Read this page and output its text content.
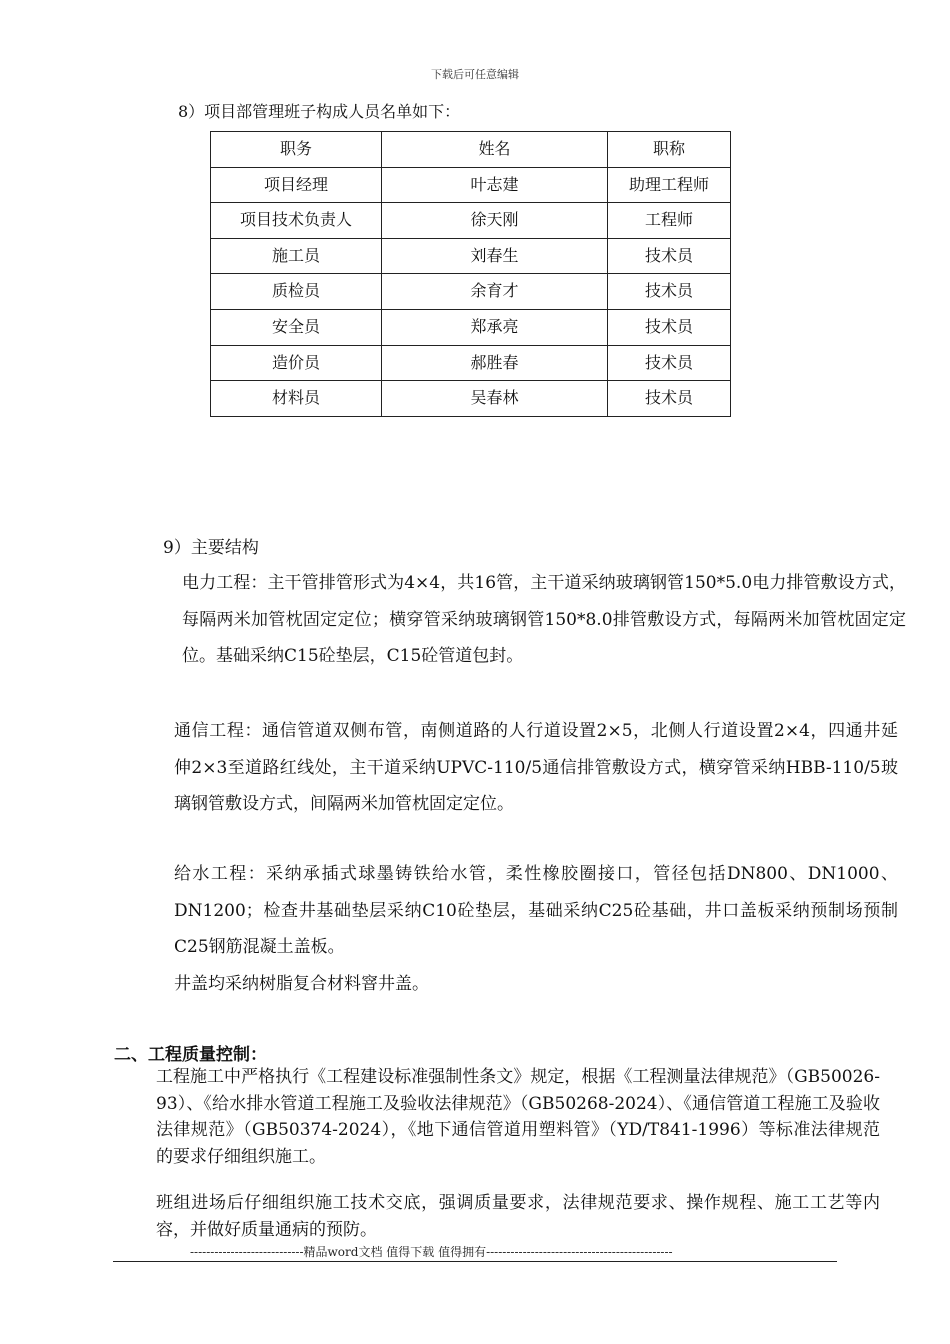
下载后可任意编辑
8）项目部管理班子构成人员名单如下：
职务	姓名	职称
项目经理	叶志建	助理工程师
项目技术负责人	徐天刚	工程师
施工员	刘春生	技术员
质检员	余育才	技术员
安全员	郑承亮	技术员
造价员	郝胜春	技术员
材料员	吴春林	技术员
9）主要结构
电力工程：主干管排管形式为4×4，共16管，主干道采纳玻璃钢管150*5.0电力排管敷设方式，每隔两米加管枕固定定位；横穿管采纳玻璃钢管150*8.0排管敷设方式，每隔两米加管枕固定定位。基础采纳C15砼垫层，C15砼管道包封。
通信工程：通信管道双侧布管，南侧道路的人行道设置2×5，北侧人行道设置2×4，四通井延　伸2×3至道路红线处，主干道采纳UPVC-110/5通信排管敷设方式，横穿管采纳HBB-110/5玻璃钢管敷设方式，间隔两米加管枕固定定位。
给水工程：采纳承插式球墨铸铁给水管，柔性橡胶圈接口，管径包括DN800、DN1000、DN1200；检查井基础垫层采纳C10砼垫层，基础采纳C25砼基础，井口盖板采纳预制场预制C25钢筋混凝土盖板。
井盖均采纳树脂复合材料窨井盖。
二、工程质量控制：
工程施工中严格执行《工程建设标准强制性条文》规定，根据《工程测量法律规范》（GB50026-93）、《给水排水管道工程施工及验收法律规范》（GB50268-2024）、《通信管道工程施工及验收法律规范》（GB50374-2024），《地下通信管道用塑料管》（YD/T841-1996）等标准法律规范的要求仔细组织施工。
班组进场后仔细组织施工技术交底，强调质量要求，法律规范要求、操作规程、施工工艺等内容，并做好质量通病的预防。
----------------------------精品word文档 值得下载 值得拥有----------------------------------------------
